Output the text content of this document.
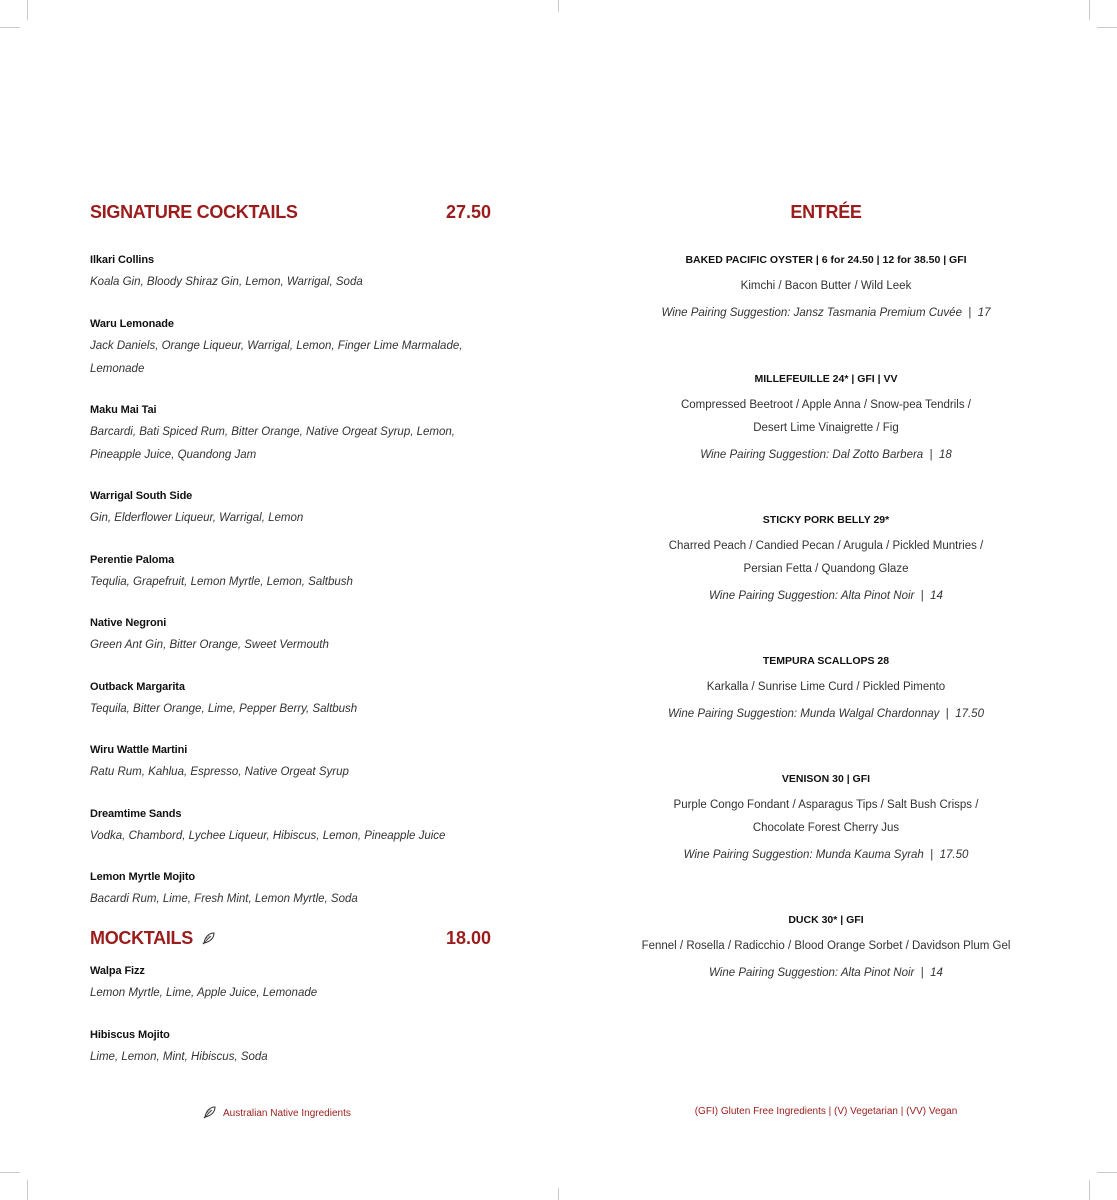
SIGNATURE COCKTAILS	27.50
Ilkari Collins
Koala Gin, Bloody Shiraz Gin, Lemon, Warrigal, Soda
Waru Lemonade
Jack Daniels, Orange Liqueur, Warrigal, Lemon, Finger Lime Marmalade, Lemonade
Maku Mai Tai
Barcardi, Bati Spiced Rum, Bitter Orange, Native Orgeat Syrup, Lemon, Pineapple Juice, Quandong Jam
Warrigal South Side
Gin, Elderflower Liqueur, Warrigal, Lemon
Perentie Paloma
Tequlia, Grapefruit, Lemon Myrtle, Lemon, Saltbush
Native Negroni
Green Ant Gin, Bitter Orange, Sweet Vermouth
Outback Margarita
Tequila, Bitter Orange, Lime, Pepper Berry, Saltbush
Wiru Wattle Martini
Ratu Rum, Kahlua, Espresso, Native Orgeat Syrup
Dreamtime Sands
Vodka, Chambord, Lychee Liqueur, Hibiscus, Lemon, Pineapple Juice
Lemon Myrtle Mojito
Bacardi Rum, Lime, Fresh Mint, Lemon Myrtle, Soda
MOCKTAILS	18.00
Walpa Fizz
Lemon Myrtle, Lime, Apple Juice, Lemonade
Hibiscus Mojito
Lime, Lemon, Mint, Hibiscus, Soda
ENTRÉE
BAKED PACIFIC OYSTER | 6 for 24.50 | 12 for 38.50 | GFI
Kimchi / Bacon Butter / Wild Leek
Wine Pairing Suggestion: Jansz Tasmania Premium Cuvée  |  17
MILLEFEUILLE 24* | GFI | VV
Compressed Beetroot / Apple Anna / Snow-pea Tendrils / Desert Lime Vinaigrette / Fig
Wine Pairing Suggestion: Dal Zotto Barbera  |  18
STICKY PORK BELLY 29*
Charred Peach / Candied Pecan / Arugula / Pickled Muntries / Persian Fetta / Quandong Glaze
Wine Pairing Suggestion: Alta Pinot Noir  |  14
TEMPURA SCALLOPS 28
Karkalla / Sunrise Lime Curd / Pickled Pimento
Wine Pairing Suggestion: Munda Walgal Chardonnay  |  17.50
VENISON 30 | GFI
Purple Congo Fondant / Asparagus Tips / Salt Bush Crisps / Chocolate Forest Cherry Jus
Wine Pairing Suggestion: Munda Kauma Syrah  |  17.50
DUCK 30* | GFI
Fennel / Rosella / Radicchio / Blood Orange Sorbet / Davidson Plum Gel
Wine Pairing Suggestion: Alta Pinot Noir  |  14
Australian Native Ingredients	(GFI) Gluten Free Ingredients | (V) Vegetarian | (VV) Vegan
